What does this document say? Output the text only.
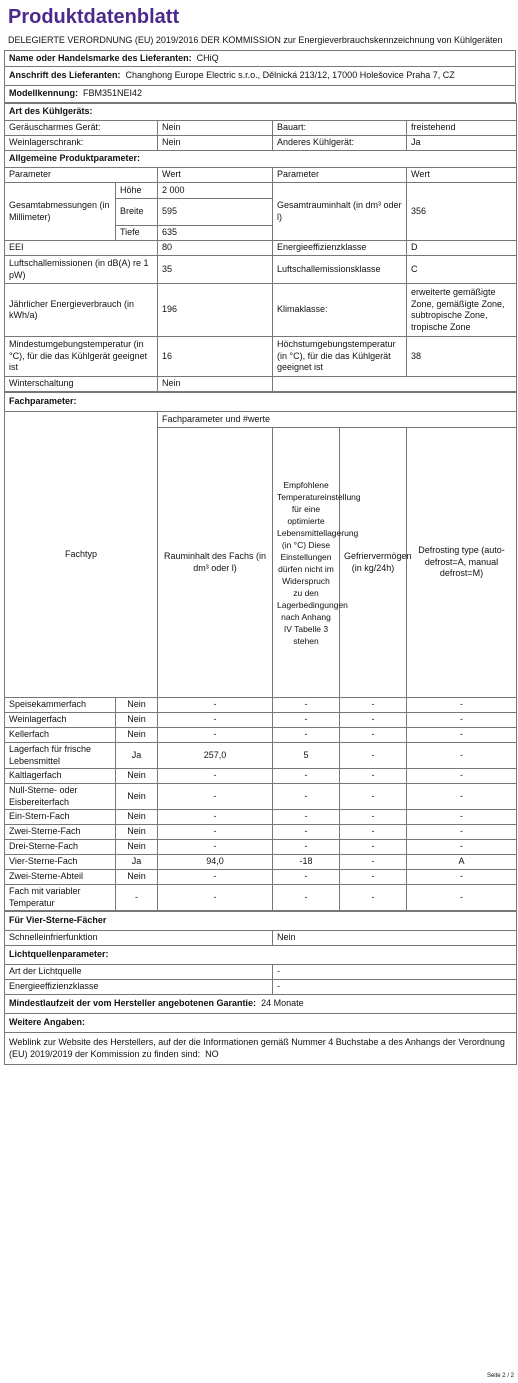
Produktdatenblatt
DELEGIERTE VERORDNUNG (EU) 2019/2016 DER KOMMISSION zur Energieverbrauchskennzeichnung von Kühlgeräten
Name oder Handelsmarke des Lieferanten: CHiQ
Anschrift des Lieferanten: Changhong Europe Electric s.r.o., Dělnická 213/12, 17000 Holešovice Praha 7, CZ
Modellkennung: FBM351NEI42
Art des Kühlgeräts:				
Geräuscharmes Gerät:		Nein	Bauart:	freistehend
Weinlagerschrank:		Nein	Anderes Kühlgerät:	Ja
Allgemeine Produktparameter:				
Parameter		Wert	Parameter	Wert
Gesamtabmessungen (in Millimeter)	Höhe	2 000	Gesamtrauminhalt (in dm³ oder l)	356
	Breite	595		
	Tiefe	635		
EEI		80	Energieeffizienzklasse	D
Luftschallemissionen (in dB(A) re 1 pW)		35	Luftschallemissionsklasse	C
Jährlicher Energieverbrauch (in kWh/a)		196	Klimaklasse:	erweiterte gemäßigte Zone, gemäßigte Zone, subtropische Zone, tropische Zone
Mindestumgebungstemperatur (in °C), für die das Kühlgerät geeignet ist		16	Höchstumgebungstemperatur (in °C), für die das Kühlgerät geeignet ist	38
Winterschaltung		Nein		
Fachparameter:					
Fachtyp		Fachparameter und #werte			
		Rauminhalt des Fachs (in dm³ oder l)	Empfohlene Temperatureinstellung für eine optimierte Lebensmittellagerung (in °C) Diese Einstellungen dürfen nicht im Widerspruch zu den Lagerbedingungen nach Anhang IV Tabelle 3 stehen	Gefriervermögen (in kg/24h)	Defrosting type (auto-defrost=A, manual defrost=M)
Speisekammerfach	Nein	-	-	-	-
Weinlagerfach	Nein	-	-	-	-
Kellerfach	Nein	-	-	-	-
Lagerfach für frische Lebensmittel	Ja	257,0	5	-	-
Kaltlagerfach	Nein	-	-	-	-
Null-Sterne- oder Eisbereiterfach	Nein	-	-	-	-
Ein-Stern-Fach	Nein	-	-	-	-
Zwei-Sterne-Fach	Nein	-	-	-	-
Drei-Sterne-Fach	Nein	-	-	-	-
Vier-Sterne-Fach	Ja	94,0	-18	-	A
Zwei-Sterne-Abteil	Nein	-	-	-	-
Fach mit variabler Temperatur	-	-	-	-	-
Für Vier-Sterne-Fächer	
Schnelleinfrierfunktion	Nein
Lichtquellenparameter:	
Art der Lichtquelle	-
Energieeffizienzklasse	-
Mindestlaufzeit der vom Hersteller angebotenen Garantie: 24 Monate	
Weitere Angaben:	
Weblink zur Website des Herstellers, auf der die Informationen gemäß Nummer 4 Buchstabe a des Anhangs der Verordnung (EU) 2019/2019 der Kommission zu finden sind: NO	
Seite 2 / 2
